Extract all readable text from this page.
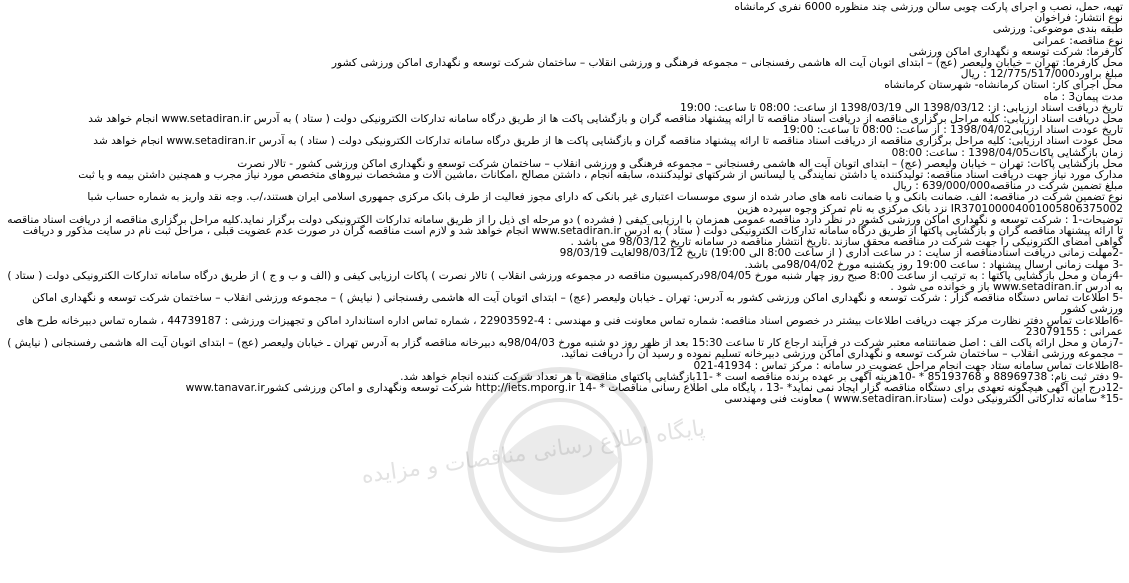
پایگاه اطلاع رسانی مناقصات و مزایده
تهیه، حمل، نصب و اجرای پارکت چوبی سالن ورزشی چند منظوره 6000 نفری کرمانشاه
نوع انتشار: فراخوان
طبقه بندی موضوعی: ورزشی
نوع مناقصه: عمرانی
کارفرما: شرکت توسعه و نگهداری اماکن ورزشی
محل کارفرما: تهران – خیابان ولیعصر (عج) – ابتدای اتوبان آیت اله هاشمی رفسنجانی – مجموعه فرهنگی و ورزشی انقلاب – ساختمان شرکت توسعه و نگهداری اماکن ورزشی کشور
مبلغ براورد12/775/517/000 : ریال
محل اجرای کار: استان کرمانشاه- شهرستان کرمانشاه
مدت پیمان3 : ماه
تاریخ دریافت اسناد ارزیابی: از: 1398/03/12 الی 1398/03/19 از ساعت: 08:00 تا ساعت: 19:00
محل دریافت اسناد ارزیابی: کلیه مراحل برگزاری مناقصه از دریافت اسناد مناقصه تا ارائه پیشنهاد مناقصه گران و بازگشایی پاکت ها از طریق درگاه سامانه تدارکات الکترونیکی دولت ( ستاد ) به آدرس www.setadiran.ir انجام خواهد شد
تاریخ عودت اسناد ارزیابی1398/04/02 : از ساعت: 08:00 تا ساعت: 19:00
محل عودت اسناد ارزیابی: کلیه مراحل برگزاری مناقصه از دریافت اسناد مناقصه تا ارائه پیشنهاد مناقصه گران و بازگشایی پاکت ها از طریق درگاه سامانه تدارکات الکترونیکی دولت ( ستاد ) به آدرس www.setadiran.ir انجام خواهد شد
زمان بازگشایی پاکات1398/04/05 : ساعت: 08:00
محل بازگشایی پاکات: تهران – خیابان ولیعصر (عج) – ابتدای اتوبان آیت اله هاشمی رفسنجانی – مجموعه فرهنگی و ورزشی انقلاب – ساختمان شرکت توسعه و نگهداری اماکن ورزشی کشور - تالار نصرت
مدارک مورد نیاز جهت دریافت اسناد مناقصه: تولیدکننده یا داشتن نمایندگی یا لیسانس از شرکتهای تولیدکننده، سابقه انجام ، داشتن مصالح ،امکانات ،ماشین آلات و مشخصات نیروهای متخصص مورد نیاز مجرب و همچنین داشتن بیمه و یا ثبت
مبلغ تضمین شرکت در مناقصه639/000/000 : ریال
نوع تضمین شرکت در مناقصه: الف. ضمانت بانکی و یا ضمانت نامه های صادر شده از سوی موسسات اعتباری غیر بانکی که دارای مجوز فعالیت از طرف بانک مرکزی جمهوری اسلامی ایران هستند،/ب. وجه نقد واریز به شماره حساب شبا IR370100004001005806375002 نزد بانک مرکزی به نام تمرکز وجوه سپرده هزین
توضیحات-1 : شرکت توسعه و نگهداری اماکن ورزشی کشور در نظر دارد مناقصه عمومی همزمان با ارزیابی کیفی ( فشرده ) دو مرحله ای ذیل را از طریق سامانه تدارکات الکترونیکی دولت برگزار نماید.کلیه مراحل برگزاری مناقصه از دریافت اسناد مناقصه تا ارائه پیشنهاد مناقصه گران و بازگشایی پاکتها از طریق درگاه سامانه تدارکات الکترونیکی دولت ( ستاد ) به آدرس www.setadiran.ir انجام خواهد شد و لازم است مناقصه گران در صورت عدم عضویت قبلی ، مراحل ثبت نام در سایت مذکور و دریافت گواهی امضای الکترونیکی را جهت شرکت در مناقصه محقق سازند .تاریخ انتشار مناقصه در سامانه تاریخ 98/03/12 می باشد .
-2مهلت زمانی دریافت اسنادمناقصه از سایت : در ساعت اداری ( از ساعت 8:00 الی 19:00) تاریخ 98/03/12لغایت 98/03/19
-3 مهلت زمانی ارسال پیشنهاد : ساعت 19:00 روز یکشنبه مورخ 98/04/02می باشد.
-4زمان و محل بازگشایی پاکتها : به ترتیب از ساعت 8:00 صبح روز چهار شنبه مورخ 98/04/05درکمیسیون مناقصه در مجموعه ورزشی انقلاب ) تالار نصرت ) پاکات ارزیابی کیفی و (الف و ب و ج ) از طریق درگاه سامانه تدارکات الکترونیکی دولت ( ستاد ) به آدرس www.setadiran.ir باز و خوانده می شود .
-5 اطلاعات تماس دستگاه مناقصه گزار : شرکت توسعه و نگهداری اماکن ورزشی کشور به آدرس: تهران ـ خیابان ولیعصر (عج) – ابتدای اتوبان آیت اله هاشمی رفسنجانی ( نیایش ) – مجموعه ورزشی انقلاب – ساختمان شرکت توسعه و نگهداری اماکن ورزشی کشور
-6اطلاعات تماس دفتر نظارت مرکز جهت دریافت اطلاعات بیشتر در خصوص اسناد مناقصه: شماره تماس معاونت فنی و مهندسی : 4-22903592 ، شماره تماس اداره استاندارد اماکن و تجهیزات ورزشی : 44739187 ، شماره تماس دبیرخانه طرح های عمرانی : 23079155
-7زمان و محل ارائه پاکت الف : اصل ضمانتنامه معتبر شرکت در فرآیند ارجاع کار تا ساعت 15:30 بعد از ظهر روز دو شنبه مورخ 98/04/03به دبیرخانه مناقصه گزار به آدرس تهران ـ خیابان ولیعصر (عج) – ابتدای اتوبان آیت اله هاشمی رفسنجانی ( نیایش ) – مجموعه ورزشی انقلاب – ساختمان شرکت توسعه و نگهداری اماکن ورزشی دبیرخانه تسلیم نموده و رسید آن را دریافت نمائید.
-8اطلاعات تماس سامانه ستاد جهت انجام مراحل عضویت در سامانه : مرکز تماس : 41934-021
-9 دفتر ثبت نام: 88969738 و 85193768 * -10هزینه آگهی بر عهده برنده مناقصه است * -11بازگشایی پاکتهای مناقصه با هر تعداد شرکت کننده انجام خواهد شد.
-12درج این آگهی هیچگونه تعهدی برای دستگاه مناقصه گزار ایجاد نمی نماید* -13 ، پایگاه ملی اطلاع رسانی مناقصات * -14 http://iets.mporg.ir شرکت توسعه ونگهداری و اماکن ورزشی کشورwww.tanavar.ir
-15* سامانه تدارکاتی الکترونیکی دولت (ستادwww.setadiran.ir ) معاونت فنی ومهندسی
